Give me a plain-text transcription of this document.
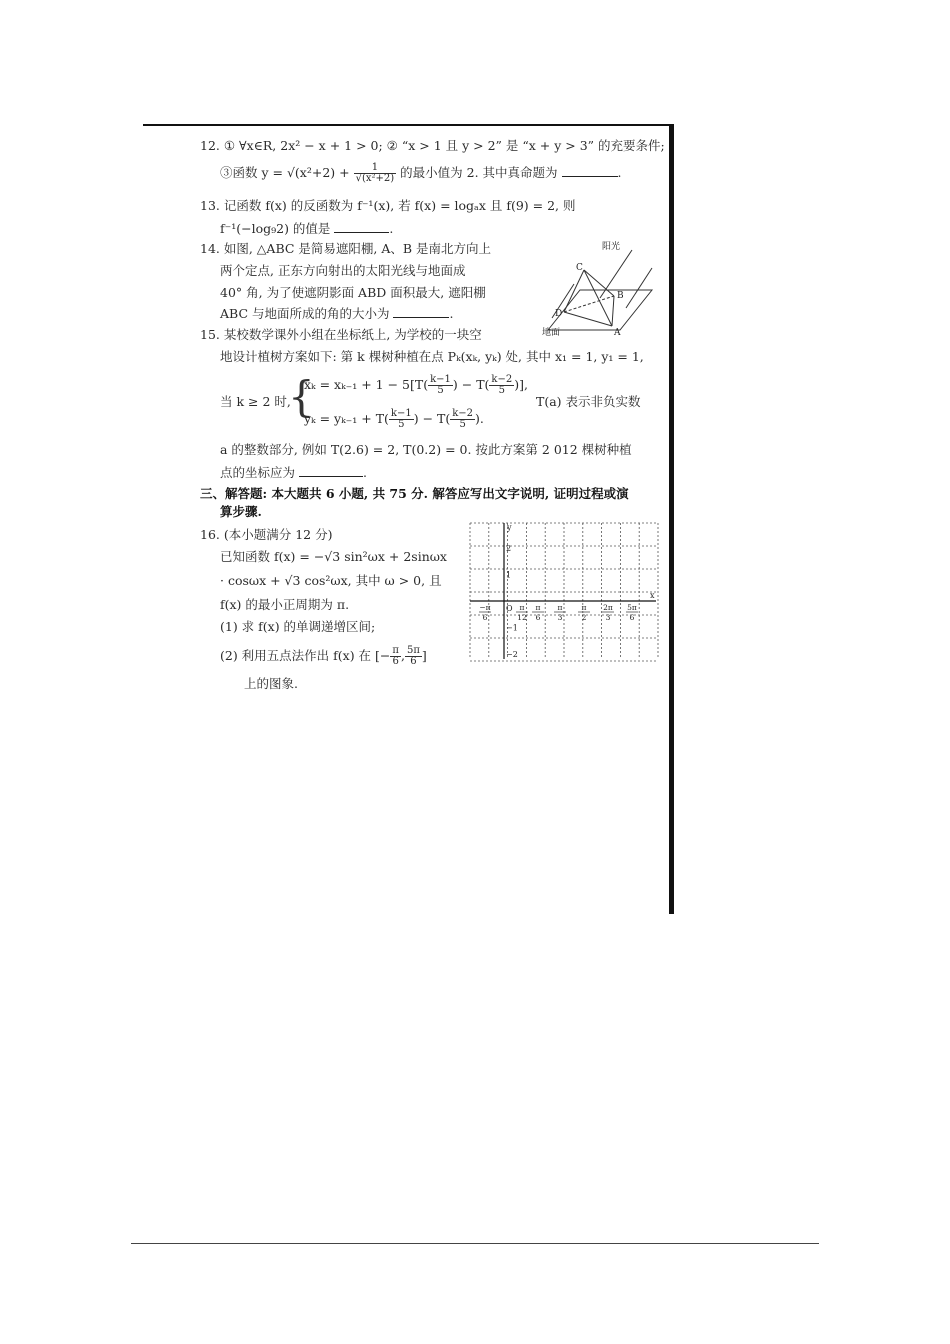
12. ① ∀x∈R, 2x² − x + 1 > 0; ② “x > 1 且 y > 2” 是 “x + y > 3” 的充要条件;
③函数 $y = √(x^2+2) + \frac{1}{\text{√(x²+2)}}$ 的最小值为 2. 其中真命题为	.
13. 记函数 f(x) 的反函数为 f⁻¹(x), 若 f(x) = logₐx 且 f(9) = 2, 则
f⁻¹(−log₉2) 的值是	.
14. 如图, △ABC 是简易遮阳棚, A、B 是南北方向上
两个定点, 正东方向射出的太阳光线与地面成
40° 角, 为了使遮阴影面 ABD 面积最大, 遮阳棚
ABC 与地面所成的角的大小为	.
阳光
C
B
D
A
地面
15. 某校数学课外小组在坐标纸上, 为学校的一块空
地设计植树方案如下: 第 k 棵树种植在点 Pₖ(xₖ, yₖ) 处, 其中 x₁ = 1, y₁ = 1,
当 k ≥ 2 时,
{
$x_k = x_{k-1} + 1 - 5[T( \frac{k-1}{5}$ ) − $T( \frac{k-2}{5}$ )],
$y_k = y_{k-1} + T( \frac{k-1}{5}$ ) − $T( \frac{k-2}{5}$ ).
T(a) 表示非负实数
a 的整数部分, 例如 T(2.6) = 2, T(0.2) = 0. 按此方案第 2 012 棵树种植
点的坐标应为	.
三、解答题: 本大题共 6 小题, 共 75 分. 解答应写出文字说明, 证明过程或演
算步骤.
16. (本小题满分 12 分)
已知函数 f(x) = −√3 sin²ωx + 2sinωx
· cosωx + √3 cos²ωx, 其中 ω > 0, 且
f(x) 的最小正周期为 π.
(1) 求 f(x) 的单调递增区间;
(2) 利用五点法作出 f(x) 在 [− $\frac{\pi}{6}$ , $\frac{5\pi}{6}$ ]
上的图象.
y
x
O
2
1
−1
−2
−π
6
π
12
π
6
π
3
π
2
2π
3
5π
6
